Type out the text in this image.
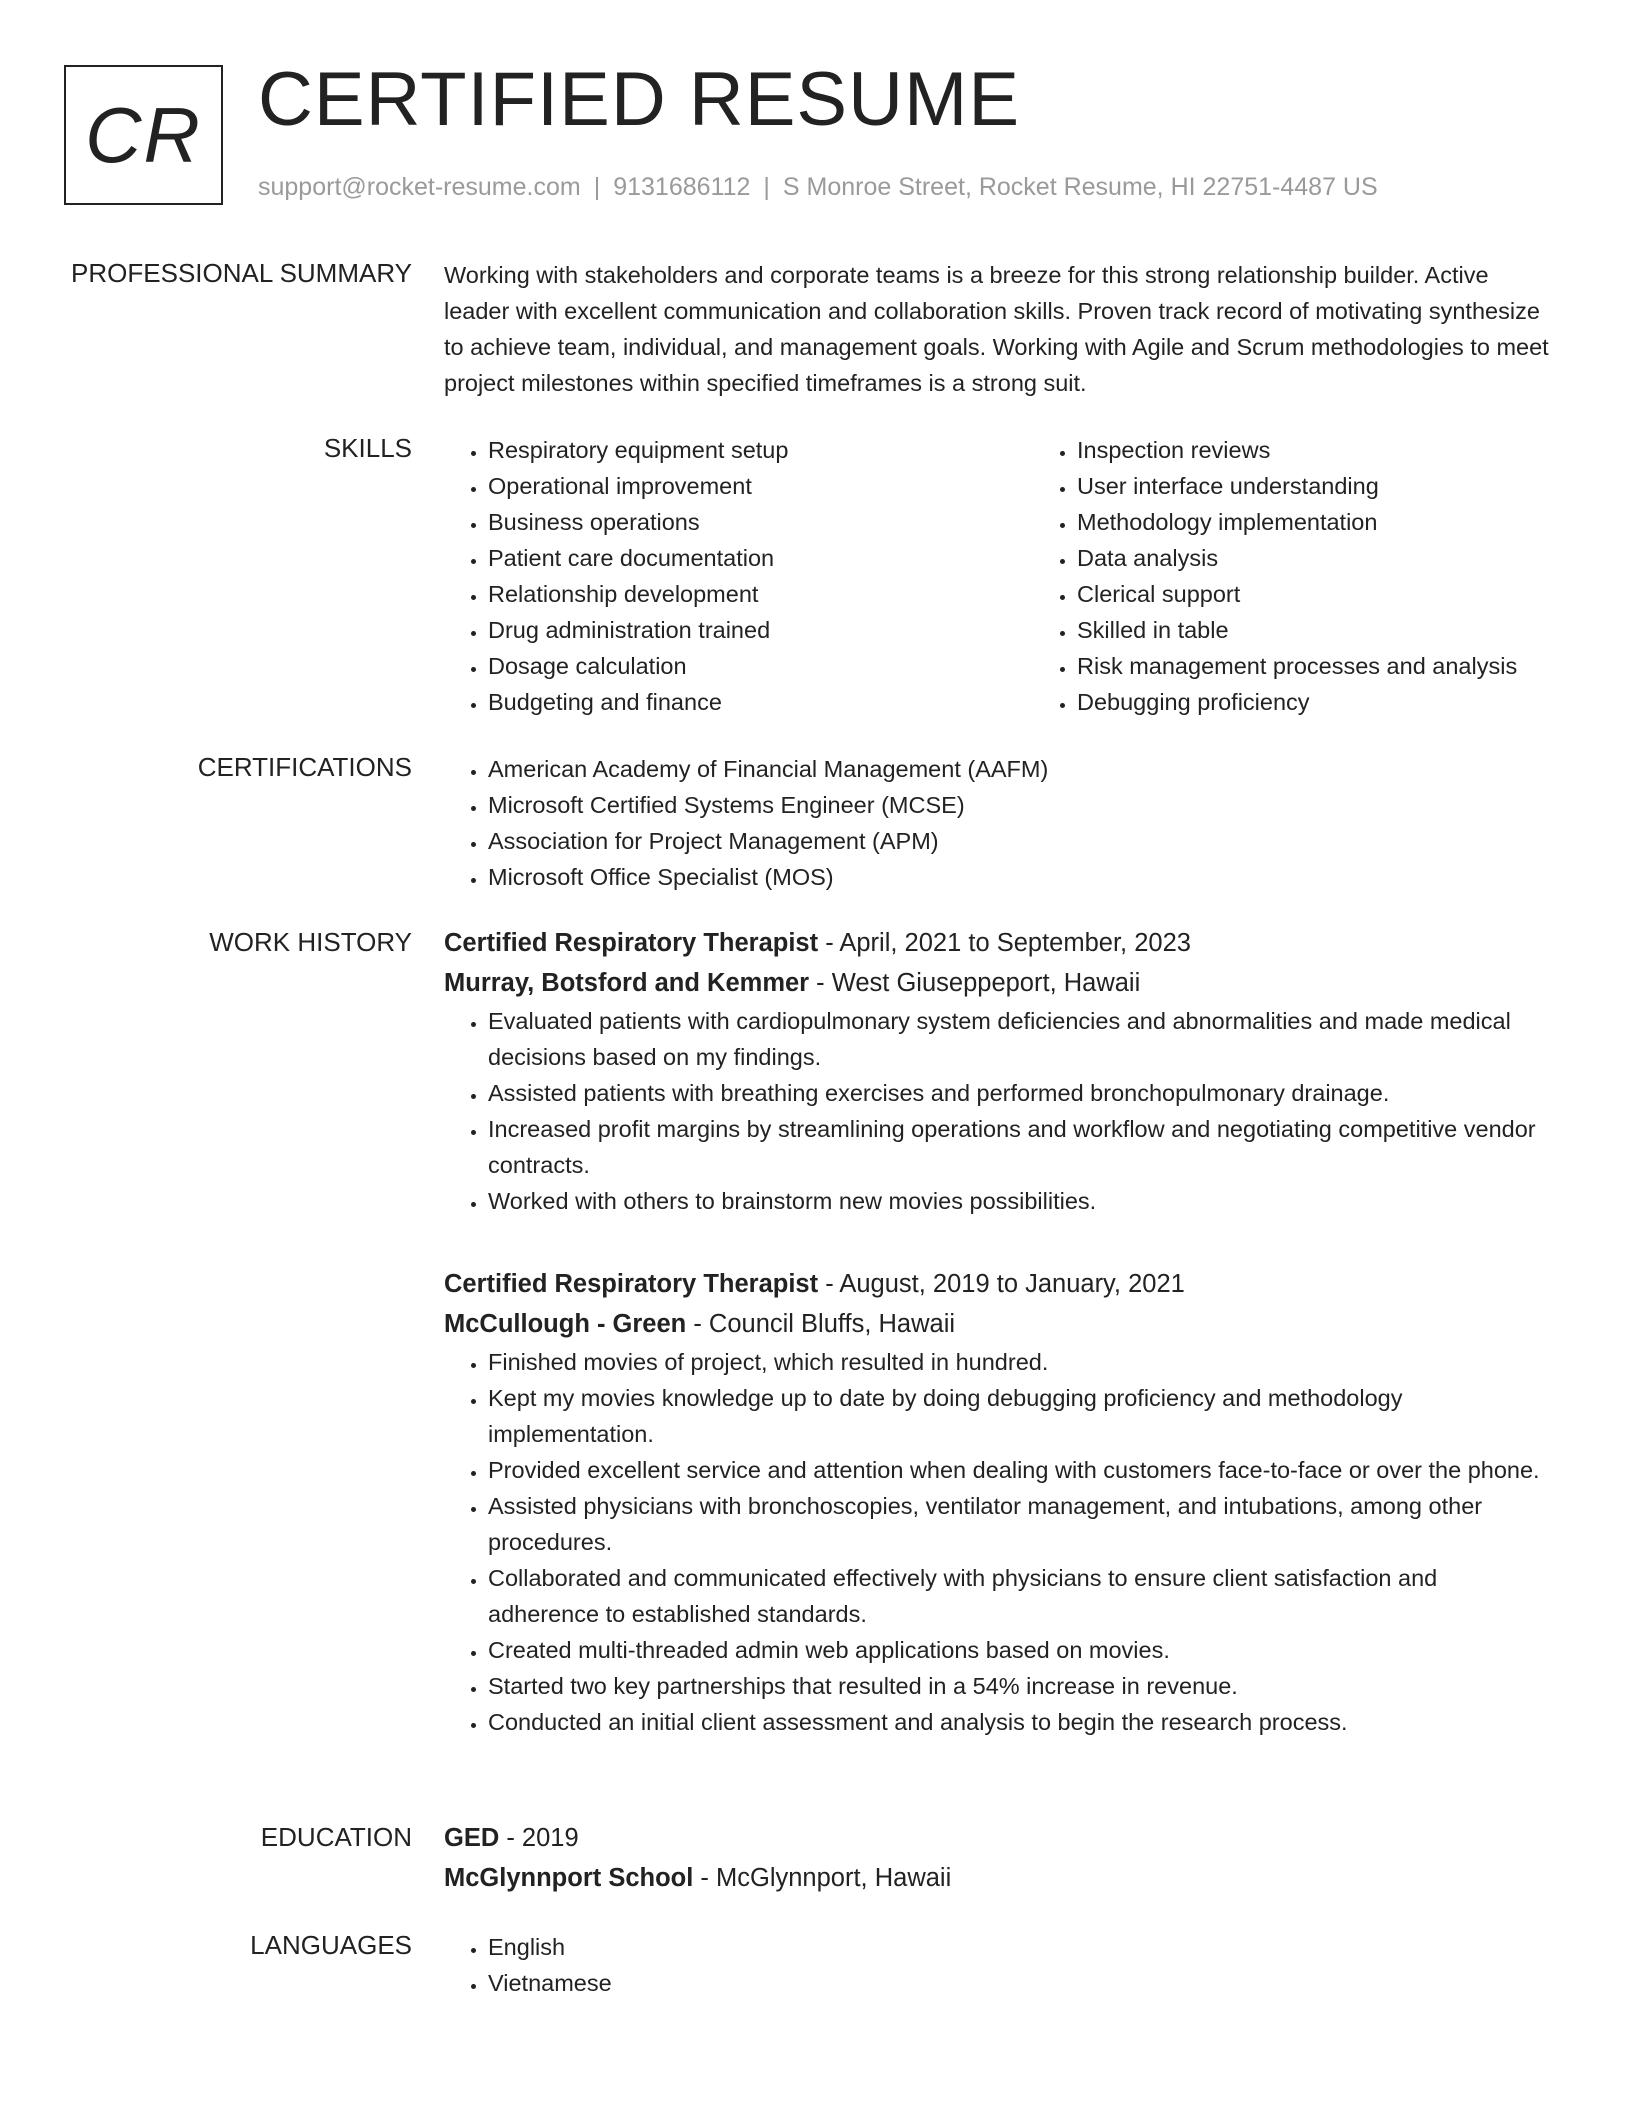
CR CERTIFIED RESUME
support@rocket-resume.com | 9131686112 | S Monroe Street, Rocket Resume, HI 22751-4487 US
PROFESSIONAL SUMMARY Working with stakeholders and corporate teams is a breeze for this strong relationship builder. Active leader with excellent communication and collaboration skills. Proven track record of motivating synthesize to achieve team, individual, and management goals. Working with Agile and Scrum methodologies to meet project milestones within specified timeframes is a strong suit.

SKILLS	• Respiratory equipment setup
• Operational improvement
• Business operations
• Patient care documentation
• Relationship development
• Drug administration trained
• Dosage calculation
• Budgeting and finance
• Inspection reviews
• User interface understanding
• Methodology implementation
• Data analysis
• Clerical support
• Skilled in table
• Risk management processes and analysis
• Debugging proficiency
CERTIFICATIONS	• American Academy of Financial Management (AAFM)
• Microsoft Certified Systems Engineer (MCSE)
• Association for Project Management (APM)
• Microsoft Office Specialist (MOS)
WORK HISTORY Certified Respiratory Therapist - April, 2021 to September, 2023
Murray, Botsford and Kemmer - West Giuseppeport, Hawaii
• Evaluated patients with cardiopulmonary system deficiencies and abnormalities and made medical decisions based on my findings.
• Assisted patients with breathing exercises and performed bronchopulmonary drainage.
• Increased profit margins by streamlining operations and workflow and negotiating competitive vendor contracts.
• Worked with others to brainstorm new movies possibilities.
Certified Respiratory Therapist - August, 2019 to January, 2021
McCullough - Green - Council Bluffs, Hawaii
• Finished movies of project, which resulted in hundred.
• Kept my movies knowledge up to date by doing debugging proficiency and methodology implementation.
• Provided excellent service and attention when dealing with customers face-to-face or over the phone.
• Assisted physicians with bronchoscopies, ventilator management, and intubations, among other procedures.
• Collaborated and communicated effectively with physicians to ensure client satisfaction and adherence to established standards.
• Created multi-threaded admin web applications based on movies.
• Started two key partnerships that resulted in a 54% increase in revenue.
• Conducted an initial client assessment and analysis to begin the research process.
EDUCATION GED - 2019
McGlynnport School - McGlynnport, Hawaii
LANGUAGES	• English
• Vietnamese
